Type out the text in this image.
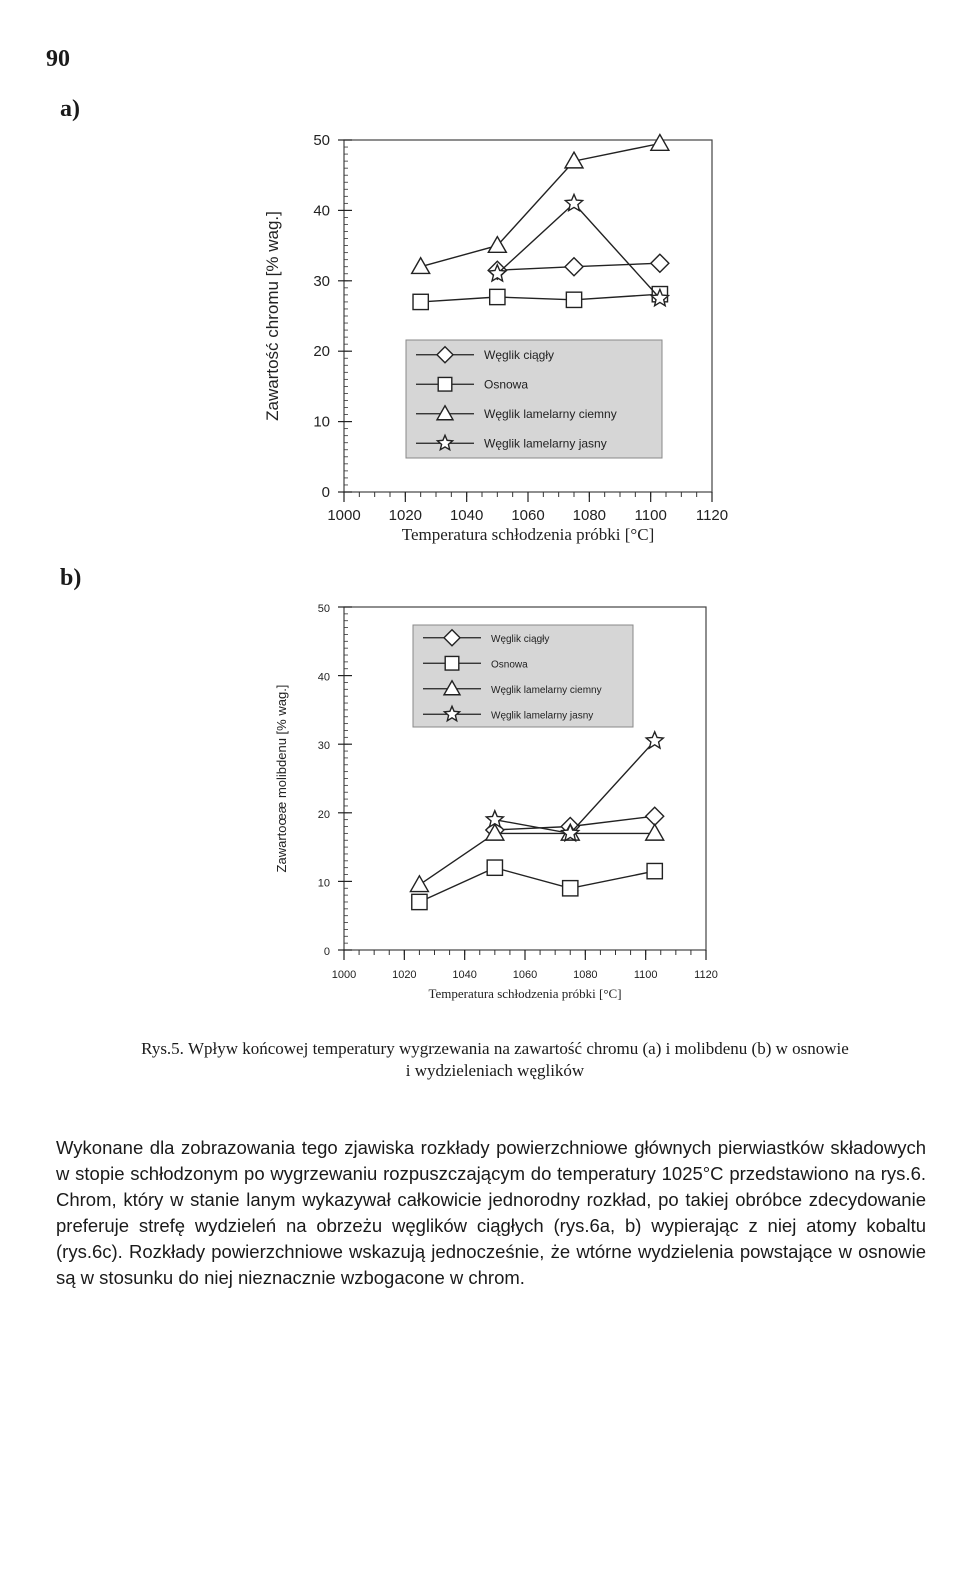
90
a)
b)
1000 1020 1040 1060 1080 1100 1120
0
10
20
30
40
50
Temperatura schłodzenia próbki [°C]
Zawartość chromu [% wag.]	Węglik ciągły
Osnowa
Węglik lamelarny ciemny
Węglik lamelarny jasny
1000	1020	1040	1060	1080	1100	1120
0
10
20
30
40
50
Temperatura schłodzenia próbki [°C]
Zawartoœæ molibdenu [% wag.]
Węglik ciągły
Osnowa
Węglik lamelarny ciemny
Węglik lamelarny jasny
Rys.5. Wpływ końcowej temperatury wygrzewania na zawartość chromu (a) i molibdenu (b) w osnowie
i wydzieleniach węglików

Wykonane dla zobrazowania tego zjawiska rozkłady powierzchniowe głównych pierwiastków składowych w stopie schłodzonym po wygrzewaniu rozpuszczającym do temperatury 1025°C przedstawiono na rys.6. Chrom, który w stanie lanym wykazywał całkowicie jednorodny rozkład, po takiej obróbce zdecydowanie preferuje strefę wydzieleń na obrzeżu węglików ciągłych (rys.6a, b) wypierając z niej atomy kobaltu (rys.6c). Rozkłady powierzchniowe wskazują jednocześnie, że wtórne wydzielenia powstające w osnowie są w stosunku do niej nieznacznie wzbogacone w chrom.
